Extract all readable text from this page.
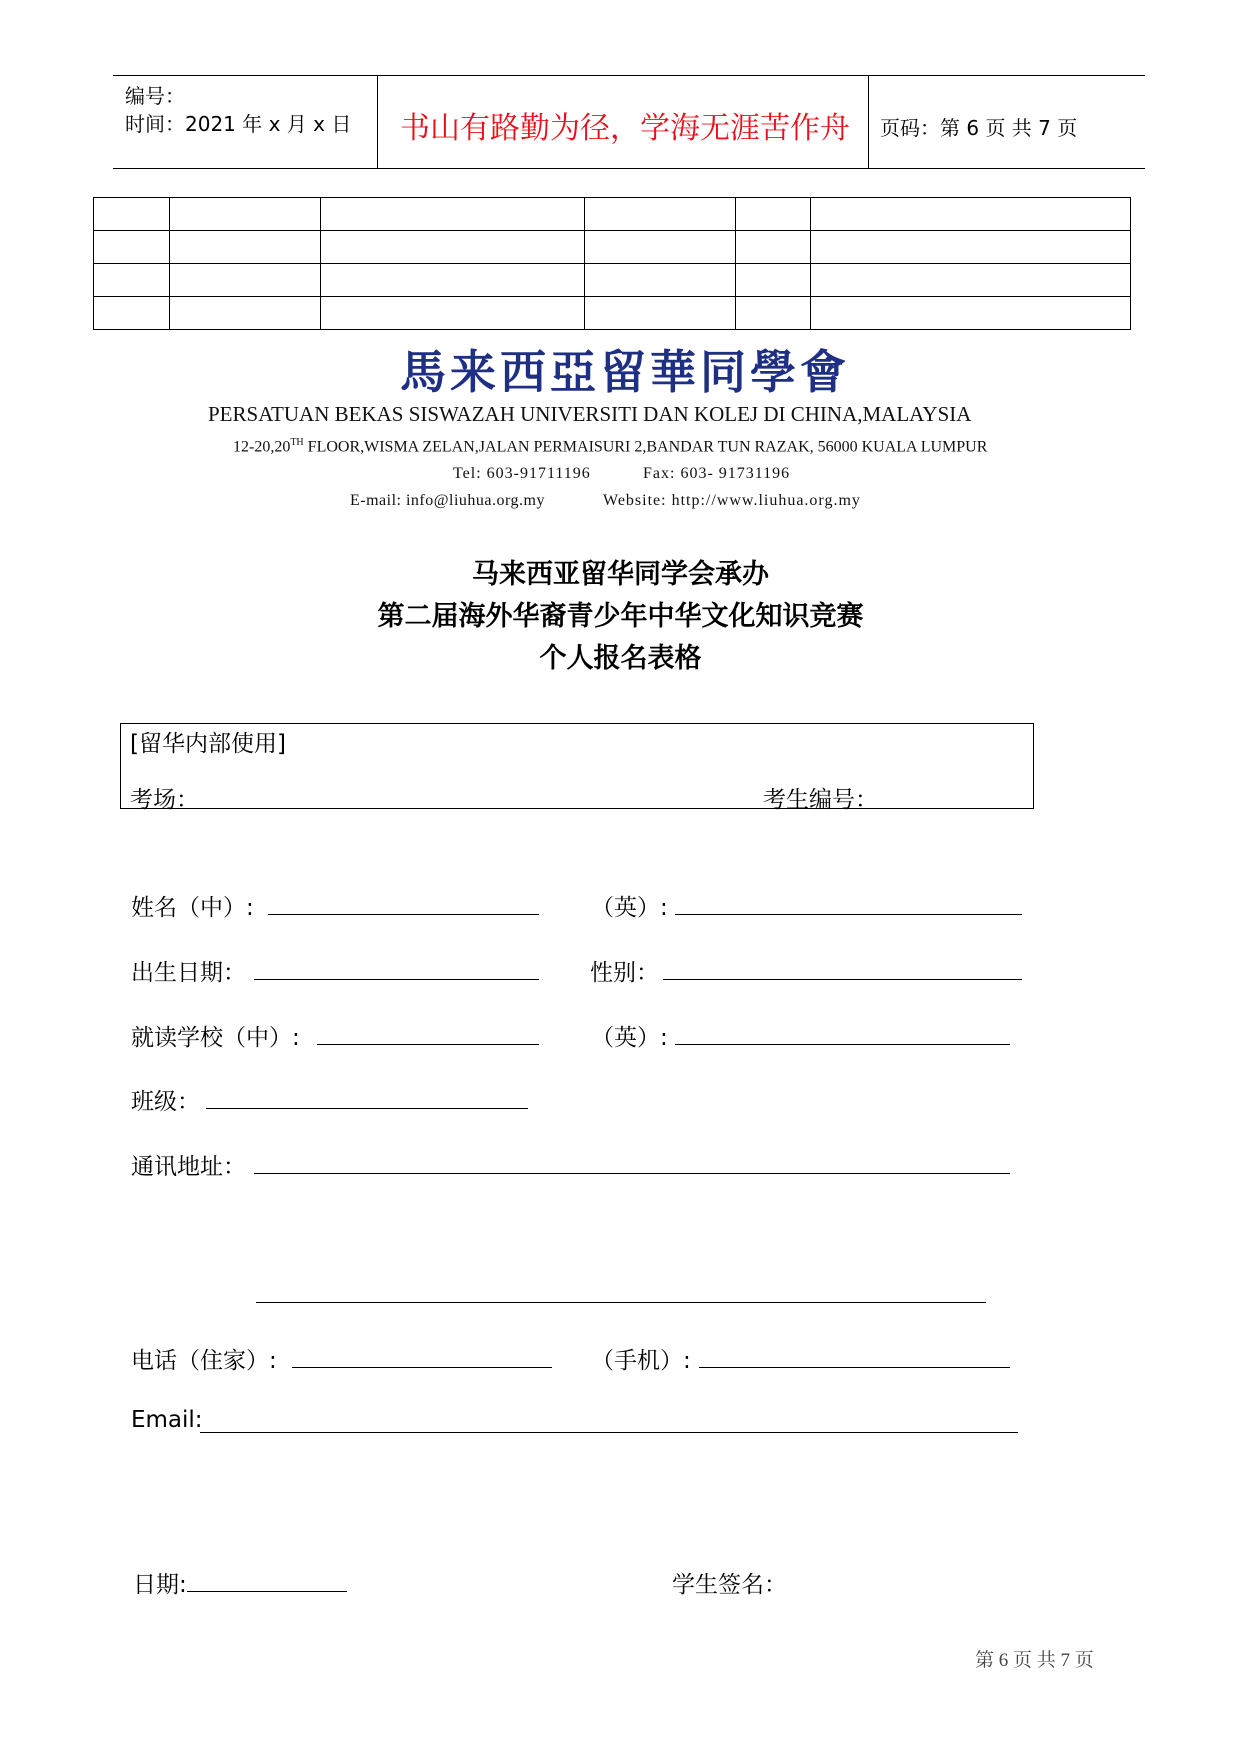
编号：
时间：2021 年 x 月 x 日 书山有路勤为径，学海无涯苦作舟 页码：第 6 页 共 7 页

馬来西亞留華同學會
PERSATUAN BEKAS SISWAZAH UNIVERSITI DAN KOLEJ DI CHINA,MALAYSIA
12-20,20TH FLOOR,WISMA ZELAN,JALAN PERMAISURI 2,BANDAR TUN RAZAK, 56000 KUALA LUMPUR
Tel: 603-91711196	Fax: 603- 91731196
E-mail: info@liuhua.org.my	Website: http://www.liuhua.org.my
马来西亚留华同学会承办
第二届海外华裔青少年中华文化知识竞赛
个人报名表格
[留华内部使用]
考场：	考生编号：
姓名（中）:	（英）:
出生日期：	性别：
就读学校（中）:	（英）:
班级：
通讯地址：
电话（住家）:	（手机）:
Email:
日期:	学生签名：
第 6 页 共 7 页
